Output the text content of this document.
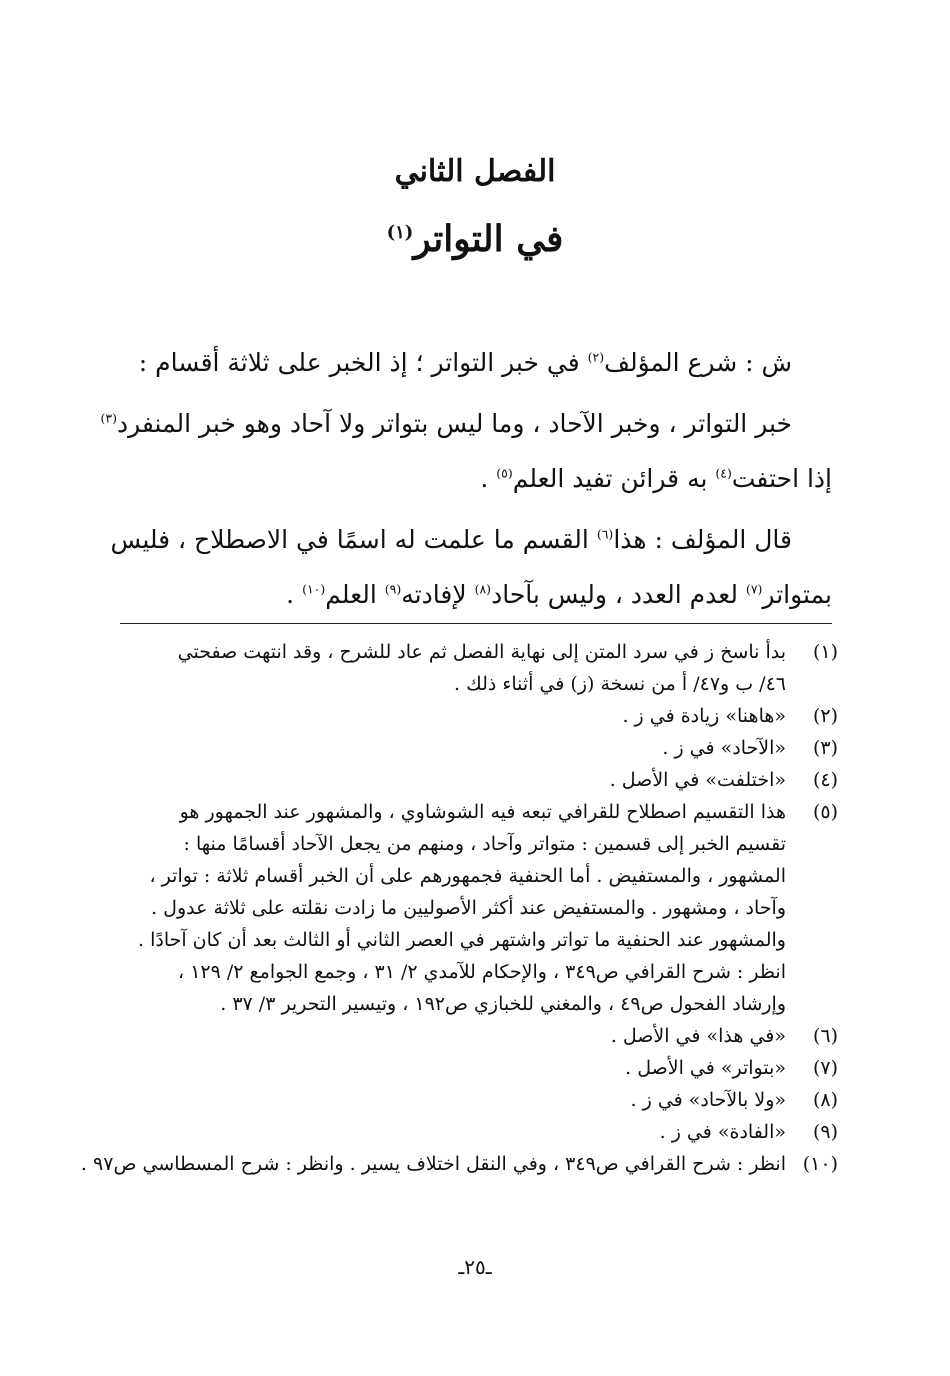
الفصل الثاني
في التواتر$^{(١)}$

ش : شرع المؤلف$^{(٢)}$ في خبر التواتر ؛ إذ الخبر على ثلاثة أقسام :

خبر التواتر ، وخبر الآحاد ، وما ليس بتواتر ولا آحاد وهو خبر المنفرد$^{(٣)}$
إذا احتفت$^{(٤)}$ به قرائن تفيد العلم$^{(٥)}$ .

قال المؤلف : هذا$^{(٦)}$ القسم ما علمت له اسمًا في الاصطلاح ، فليس
بمتواتر$^{(٧)}$ لعدم العدد ، وليس بآحاد$^{(٨)}$ لإفادته$^{(٩)}$ العلم$^{(١٠)}$ .

(١)
بدأ ناسخ ز في سرد المتن إلى نهاية الفصل ثم عاد للشرح ، وقد انتهت صفحتي
٤٦/ ب و٤٧/ أ من نسخة (ز) في أثناء ذلك .
(٢)
«هاهنا» زيادة في ز .
(٣)
«الآحاد» في ز .
(٤)
«اختلفت» في الأصل .
(٥)
هذا التقسيم اصطلاح للقرافي تبعه فيه الشوشاوي ، والمشهور عند الجمهور هو
تقسيم الخبر إلى قسمين : متواتر وآحاد ، ومنهم من يجعل الآحاد أقسامًا منها :
المشهور ، والمستفيض . أما الحنفية فجمهورهم على أن الخبر أقسام ثلاثة : تواتر ،
وآحاد ، ومشهور . والمستفيض عند أكثر الأصوليين ما زادت نقلته على ثلاثة عدول .
والمشهور عند الحنفية ما تواتر واشتهر في العصر الثاني أو الثالث بعد أن كان آحادًا .
انظر : شرح القرافي ص٣٤٩ ، والإحكام للآمدي ٢/ ٣١ ، وجمع الجوامع ٢/ ١٢٩ ،
وإرشاد الفحول ص٤٩ ، والمغني للخبازي ص١٩٢ ، وتيسير التحرير ٣/ ٣٧ .
(٦)
«في هذا» في الأصل .
(٧)
«بتواتر» في الأصل .
(٨)
«ولا بالآحاد» في ز .
(٩)
«الفادة» في ز .
(١٠)
انظر : شرح القرافي ص٣٤٩ ، وفي النقل اختلاف يسير . وانظر : شرح المسطاسي ص٩٧ .
ـ٢٥ـ
